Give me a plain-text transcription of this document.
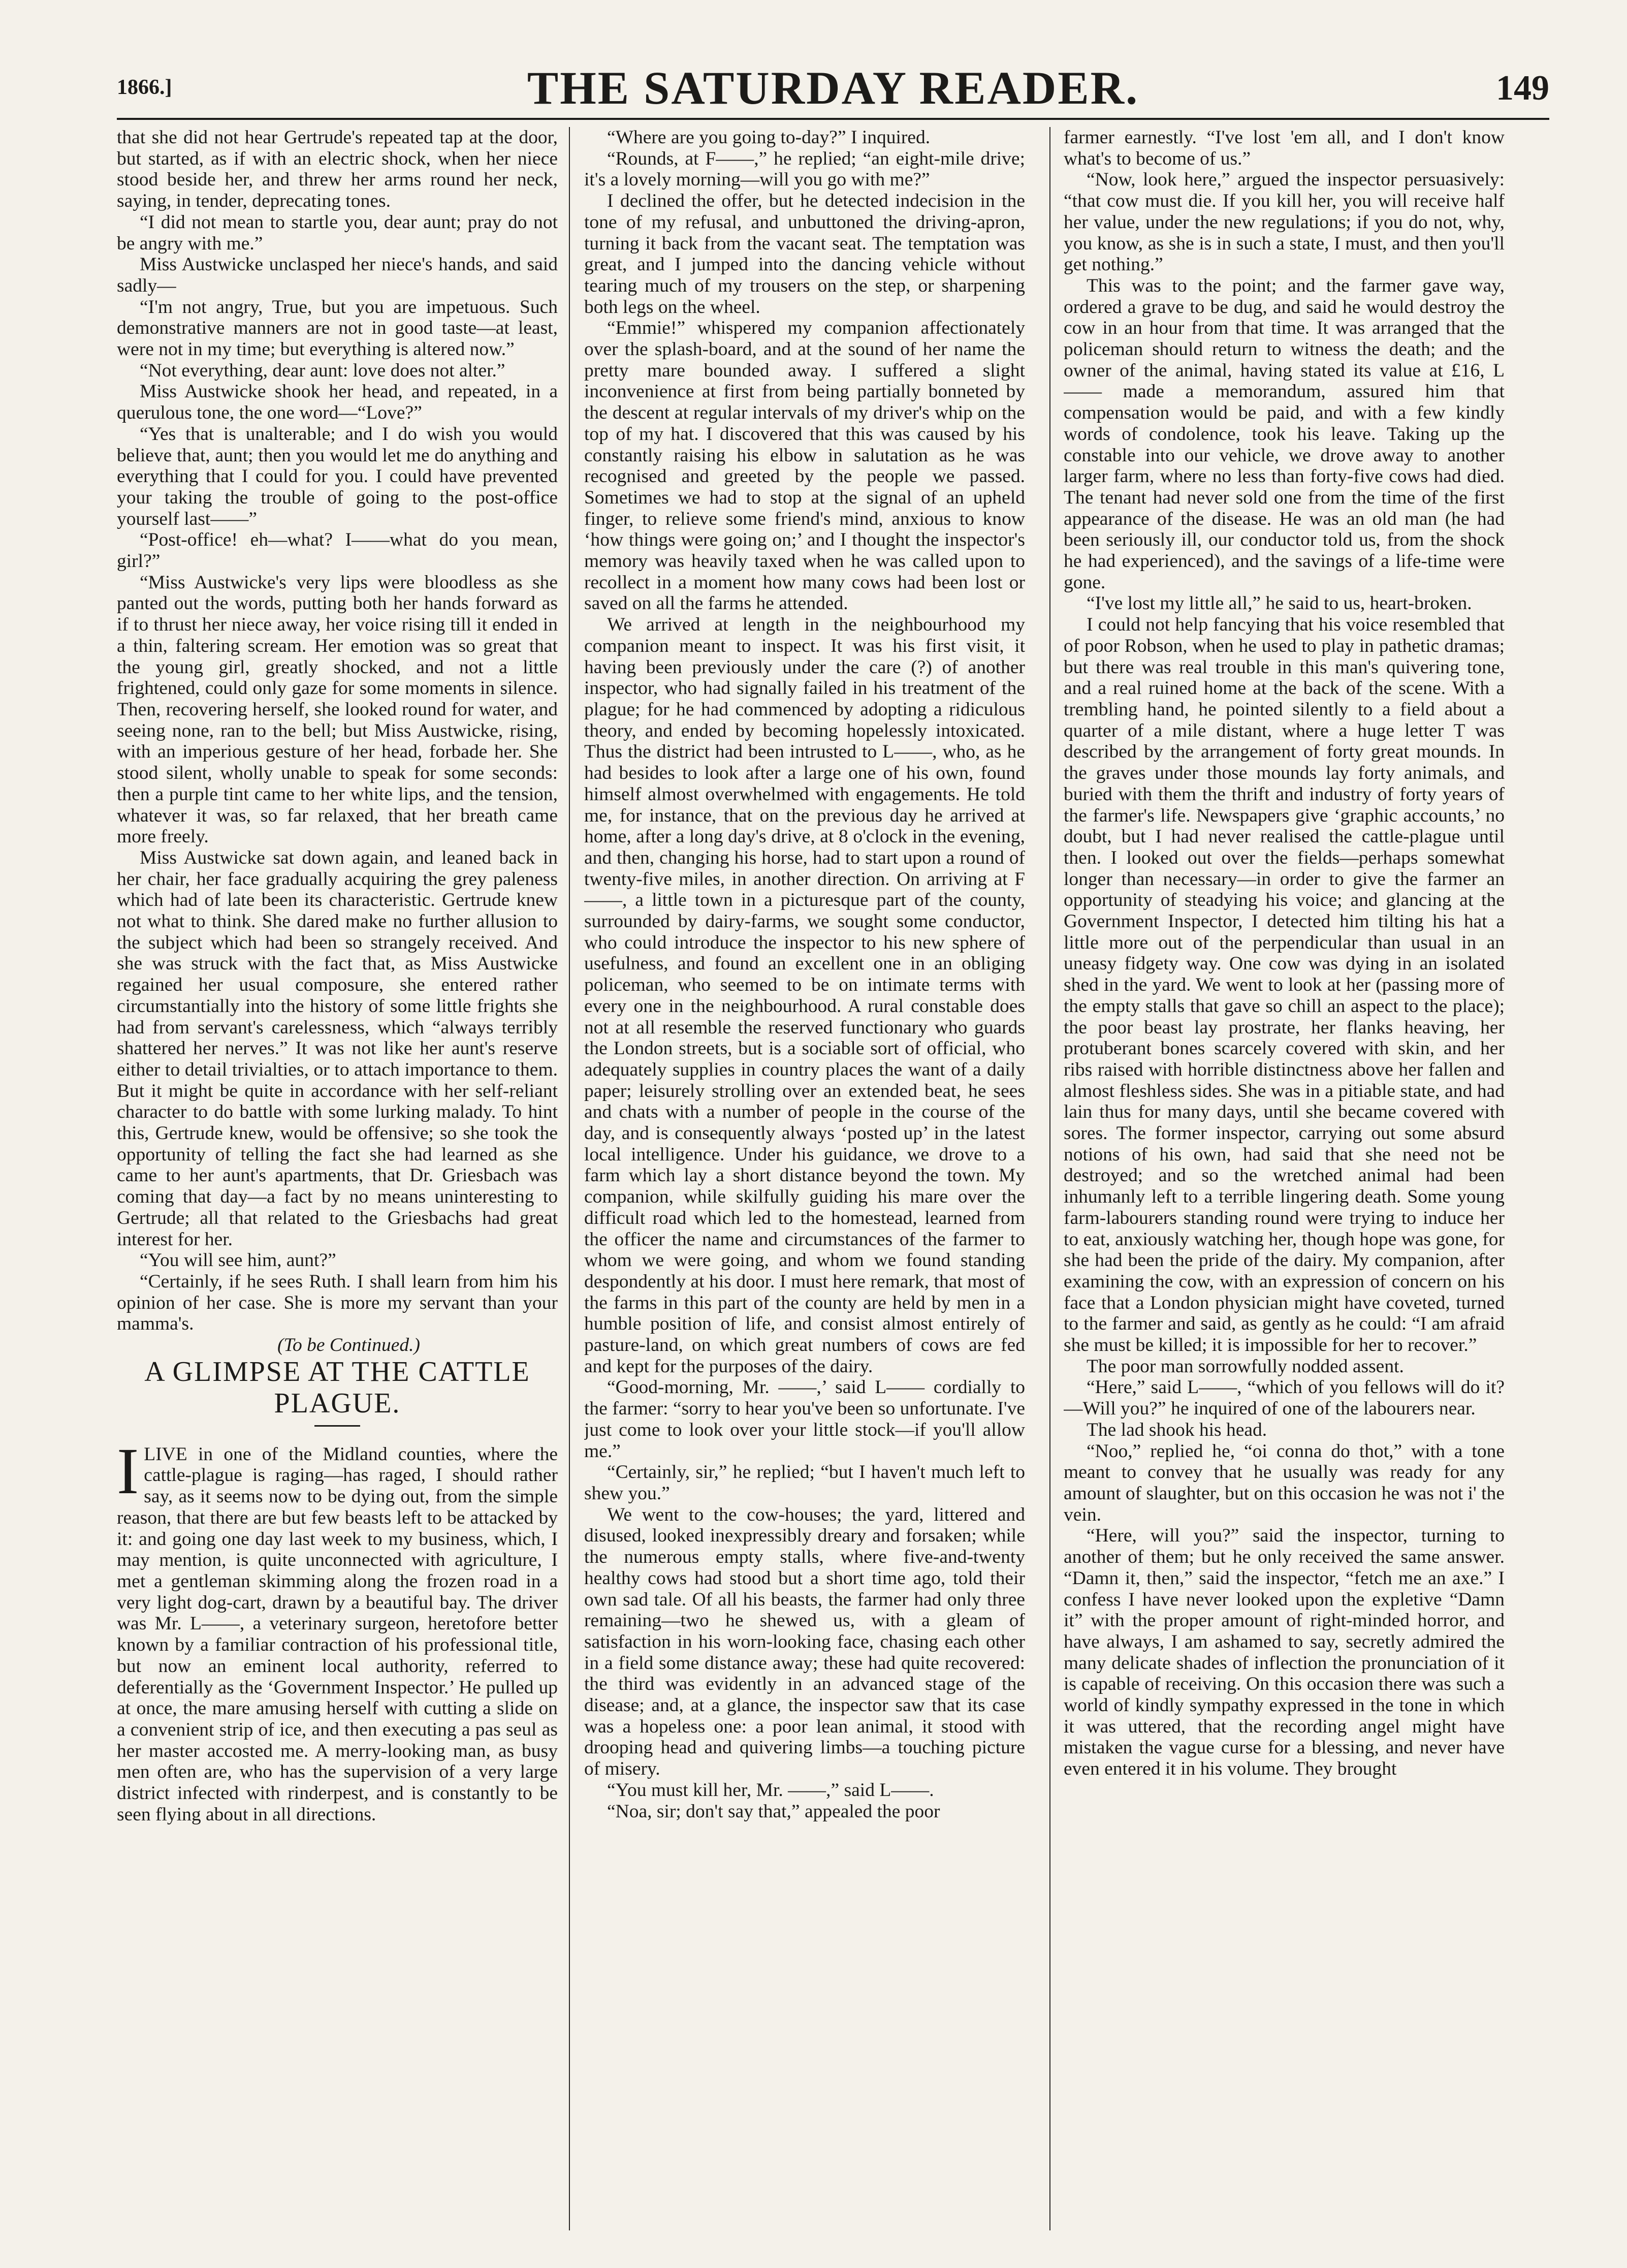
1866.]	THE SATURDAY READER.	149

that she did not hear Gertrude's repeated tap at the door, but started, as if with an electric shock, when her niece stood beside her, and threw her arms round her neck, saying, in tender, deprecating tones.

“I did not mean to startle you, dear aunt; pray do not be angry with me.”

Miss Austwicke unclasped her niece's hands, and said sadly—

“I'm not angry, True, but you are impetuous. Such demonstrative manners are not in good taste—at least, were not in my time; but everything is altered now.”

“Not everything, dear aunt: love does not alter.”

Miss Austwicke shook her head, and repeated, in a querulous tone, the one word—“Love?”

“Yes that is unalterable; and I do wish you would believe that, aunt; then you would let me do anything and everything that I could for you. I could have prevented your taking the trouble of going to the post-office yourself last——”

“Post-office! eh—what? I——what do you mean, girl?”

“Miss Austwicke's very lips were bloodless as she panted out the words, putting both her hands forward as if to thrust her niece away, her voice rising till it ended in a thin, faltering scream. Her emotion was so great that the young girl, greatly shocked, and not a little frightened, could only gaze for some moments in silence. Then, recovering herself, she looked round for water, and seeing none, ran to the bell; but Miss Austwicke, rising, with an imperious gesture of her head, forbade her. She stood silent, wholly unable to speak for some seconds: then a purple tint came to her white lips, and the tension, whatever it was, so far relaxed, that her breath came more freely.

Miss Austwicke sat down again, and leaned back in her chair, her face gradually acquiring the grey paleness which had of late been its characteristic. Gertrude knew not what to think. She dared make no further allusion to the subject which had been so strangely received. And she was struck with the fact that, as Miss Austwicke regained her usual composure, she entered rather circumstantially into the history of some little frights she had from servant's carelessness, which “always terribly shattered her nerves.” It was not like her aunt's reserve either to detail trivialties, or to attach importance to them. But it might be quite in accordance with her self-reliant character to do battle with some lurking malady. To hint this, Gertrude knew, would be offensive; so she took the opportunity of telling the fact she had learned as she came to her aunt's apartments, that Dr. Griesbach was coming that day—a fact by no means uninteresting to Gertrude; all that related to the Griesbachs had great interest for her.

“You will see him, aunt?”

“Certainly, if he sees Ruth. I shall learn from him his opinion of her case. She is more my servant than your mamma's.

(To be Continued.)

A GLIMPSE AT THE CATTLE PLAGUE.

ILIVE in one of the Midland counties, where the cattle-plague is raging—has raged, I should rather say, as it seems now to be dying out, from the simple reason, that there are but few beasts left to be attacked by it: and going one day last week to my business, which, I may mention, is quite unconnected with agriculture, I met a gentleman skimming along the frozen road in a very light dog-cart, drawn by a beautiful bay. The driver was Mr. L——, a veterinary surgeon, heretofore better known by a familiar contraction of his professional title, but now an eminent local authority, referred to deferentially as the ‘Government Inspector.’ He pulled up at once, the mare amusing herself with cutting a slide on a convenient strip of ice, and then executing a pas seul as her master accosted me. A merry-looking man, as busy men often are, who has the supervision of a very large district infected with rinderpest, and is constantly to be seen flying about in all directions.

“Where are you going to-day?” I inquired.

“Rounds, at F——,” he replied; “an eight-mile drive; it's a lovely morning—will you go with me?”

I declined the offer, but he detected indecision in the tone of my refusal, and unbuttoned the driving-apron, turning it back from the vacant seat. The temptation was great, and I jumped into the dancing vehicle without tearing much of my trousers on the step, or sharpening both legs on the wheel.

“Emmie!” whispered my companion affectionately over the splash-board, and at the sound of her name the pretty mare bounded away. I suffered a slight inconvenience at first from being partially bonneted by the descent at regular intervals of my driver's whip on the top of my hat. I discovered that this was caused by his constantly raising his elbow in salutation as he was recognised and greeted by the people we passed. Sometimes we had to stop at the signal of an upheld finger, to relieve some friend's mind, anxious to know ‘how things were going on;’ and I thought the inspector's memory was heavily taxed when he was called upon to recollect in a moment how many cows had been lost or saved on all the farms he attended.

We arrived at length in the neighbourhood my companion meant to inspect. It was his first visit, it having been previously under the care (?) of another inspector, who had signally failed in his treatment of the plague; for he had commenced by adopting a ridiculous theory, and ended by becoming hopelessly intoxicated. Thus the district had been intrusted to L——, who, as he had besides to look after a large one of his own, found himself almost overwhelmed with engagements. He told me, for instance, that on the previous day he arrived at home, after a long day's drive, at 8 o'clock in the evening, and then, changing his horse, had to start upon a round of twenty-five miles, in another direction. On arriving at F——, a little town in a picturesque part of the county, surrounded by dairy-farms, we sought some conductor, who could introduce the inspector to his new sphere of usefulness, and found an excellent one in an obliging policeman, who seemed to be on intimate terms with every one in the neighbourhood. A rural constable does not at all resemble the reserved functionary who guards the London streets, but is a sociable sort of official, who adequately supplies in country places the want of a daily paper; leisurely strolling over an extended beat, he sees and chats with a number of people in the course of the day, and is consequently always ‘posted up’ in the latest local intelligence. Under his guidance, we drove to a farm which lay a short distance beyond the town. My companion, while skilfully guiding his mare over the difficult road which led to the homestead, learned from the officer the name and circumstances of the farmer to whom we were going, and whom we found standing despondently at his door. I must here remark, that most of the farms in this part of the county are held by men in a humble position of life, and consist almost entirely of pasture-land, on which great numbers of cows are fed and kept for the purposes of the dairy.

“Good-morning, Mr. ——,’ said L—— cordially to the farmer: “sorry to hear you've been so unfortunate. I've just come to look over your little stock—if you'll allow me.”

“Certainly, sir,” he replied; “but I haven't much left to shew you.”

We went to the cow-houses; the yard, littered and disused, looked inexpressibly dreary and forsaken; while the numerous empty stalls, where five-and-twenty healthy cows had stood but a short time ago, told their own sad tale. Of all his beasts, the farmer had only three remaining—two he shewed us, with a gleam of satisfaction in his worn-looking face, chasing each other in a field some distance away; these had quite recovered: the third was evidently in an advanced stage of the disease; and, at a glance, the inspector saw that its case was a hopeless one: a poor lean animal, it stood with drooping head and quivering limbs—a touching picture of misery.

“You must kill her, Mr. ——,” said L——.

“Noa, sir; don't say that,” appealed the poor

farmer earnestly. “I've lost 'em all, and I don't know what's to become of us.”

“Now, look here,” argued the inspector persuasively: “that cow must die. If you kill her, you will receive half her value, under the new regulations; if you do not, why, you know, as she is in such a state, I must, and then you'll get nothing.”

This was to the point; and the farmer gave way, ordered a grave to be dug, and said he would destroy the cow in an hour from that time. It was arranged that the policeman should return to witness the death; and the owner of the animal, having stated its value at £16, L—— made a memorandum, assured him that compensation would be paid, and with a few kindly words of condolence, took his leave. Taking up the constable into our vehicle, we drove away to another larger farm, where no less than forty-five cows had died. The tenant had never sold one from the time of the first appearance of the disease. He was an old man (he had been seriously ill, our conductor told us, from the shock he had experienced), and the savings of a life-time were gone.

“I've lost my little all,” he said to us, heart-broken.

I could not help fancying that his voice resembled that of poor Robson, when he used to play in pathetic dramas; but there was real trouble in this man's quivering tone, and a real ruined home at the back of the scene. With a trembling hand, he pointed silently to a field about a quarter of a mile distant, where a huge letter T was described by the arrangement of forty great mounds. In the graves under those mounds lay forty animals, and buried with them the thrift and industry of forty years of the farmer's life. Newspapers give ‘graphic accounts,’ no doubt, but I had never realised the cattle-plague until then. I looked out over the fields—perhaps somewhat longer than necessary—in order to give the farmer an opportunity of steadying his voice; and glancing at the Government Inspector, I detected him tilting his hat a little more out of the perpendicular than usual in an uneasy fidgety way. One cow was dying in an isolated shed in the yard. We went to look at her (passing more of the empty stalls that gave so chill an aspect to the place); the poor beast lay prostrate, her flanks heaving, her protuberant bones scarcely covered with skin, and her ribs raised with horrible distinctness above her fallen and almost fleshless sides. She was in a pitiable state, and had lain thus for many days, until she became covered with sores. The former inspector, carrying out some absurd notions of his own, had said that she need not be destroyed; and so the wretched animal had been inhumanly left to a terrible lingering death. Some young farm-labourers standing round were trying to induce her to eat, anxiously watching her, though hope was gone, for she had been the pride of the dairy. My companion, after examining the cow, with an expression of concern on his face that a London physician might have coveted, turned to the farmer and said, as gently as he could: “I am afraid she must be killed; it is impossible for her to recover.”

The poor man sorrowfully nodded assent.

“Here,” said L——, “which of you fellows will do it?—Will you?” he inquired of one of the labourers near.

The lad shook his head.

“Noo,” replied he, “oi conna do thot,” with a tone meant to convey that he usually was ready for any amount of slaughter, but on this occasion he was not i' the vein.

“Here, will you?” said the inspector, turning to another of them; but he only received the same answer. “Damn it, then,” said the inspector, “fetch me an axe.” I confess I have never looked upon the expletive “Damn it” with the proper amount of right-minded horror, and have always, I am ashamed to say, secretly admired the many delicate shades of inflection the pronunciation of it is capable of receiving. On this occasion there was such a world of kindly sympathy expressed in the tone in which it was uttered, that the recording angel might have mistaken the vague curse for a blessing, and never have even entered it in his volume. They brought
